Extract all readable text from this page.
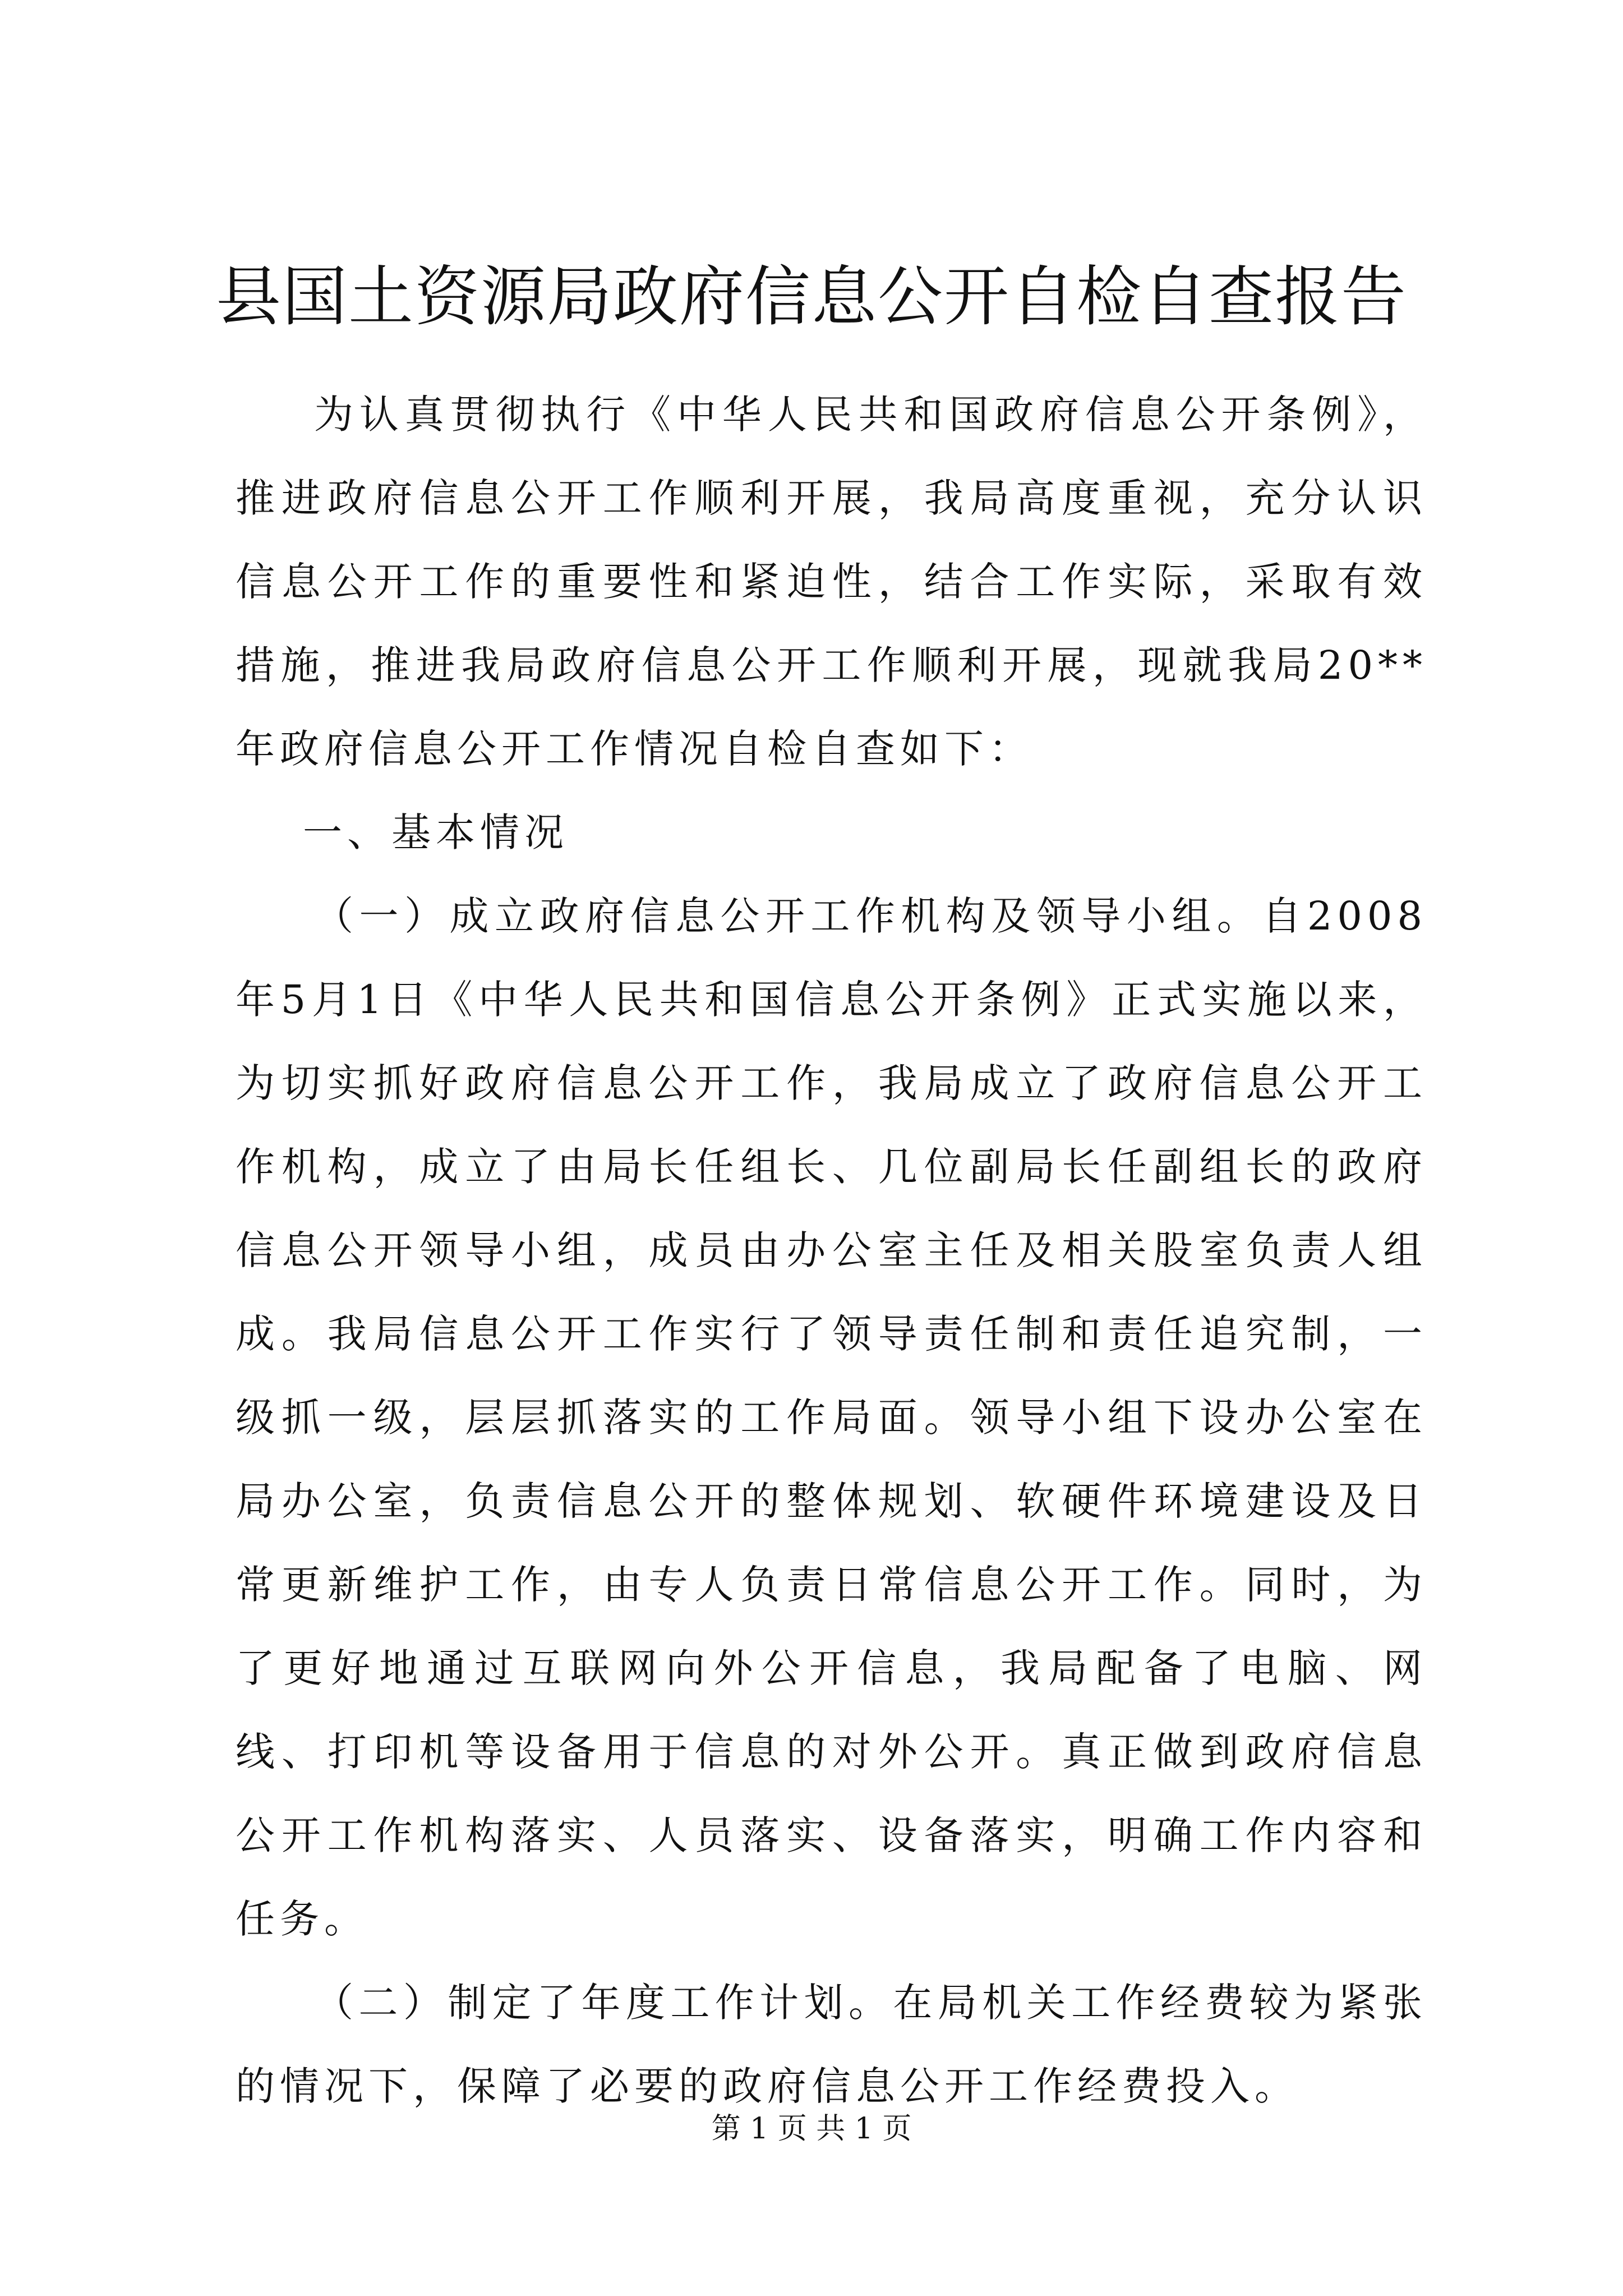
县国土资源局政府信息公开自检自查报告

为认真贯彻执行《中华人民共和国政府信息公开条例》，推进政府信息公开工作顺利开展，我局高度重视，充分认识信息公开工作的重要性和紧迫性，结合工作实际，采取有效措施，推进我局政府信息公开工作顺利开展，现就我局20**年政府信息公开工作情况自检自查如下：

一、基本情况

（一）成立政府信息公开工作机构及领导小组。自2008年5月1日《中华人民共和国信息公开条例》正式实施以来，为切实抓好政府信息公开工作，我局成立了政府信息公开工作机构，成立了由局长任组长、几位副局长任副组长的政府信息公开领导小组，成员由办公室主任及相关股室负责人组成。我局信息公开工作实行了领导责任制和责任追究制，一级抓一级，层层抓落实的工作局面。领导小组下设办公室在局办公室，负责信息公开的整体规划、软硬件环境建设及日常更新维护工作，由专人负责日常信息公开工作。同时，为了更好地通过互联网向外公开信息，我局配备了电脑、网线、打印机等设备用于信息的对外公开。真正做到政府信息公开工作机构落实、人员落实、设备落实，明确工作内容和任务。

（二）制定了年度工作计划。在局机关工作经费较为紧张的情况下，保障了必要的政府信息公开工作经费投入。

第 1 页 共 1 页
